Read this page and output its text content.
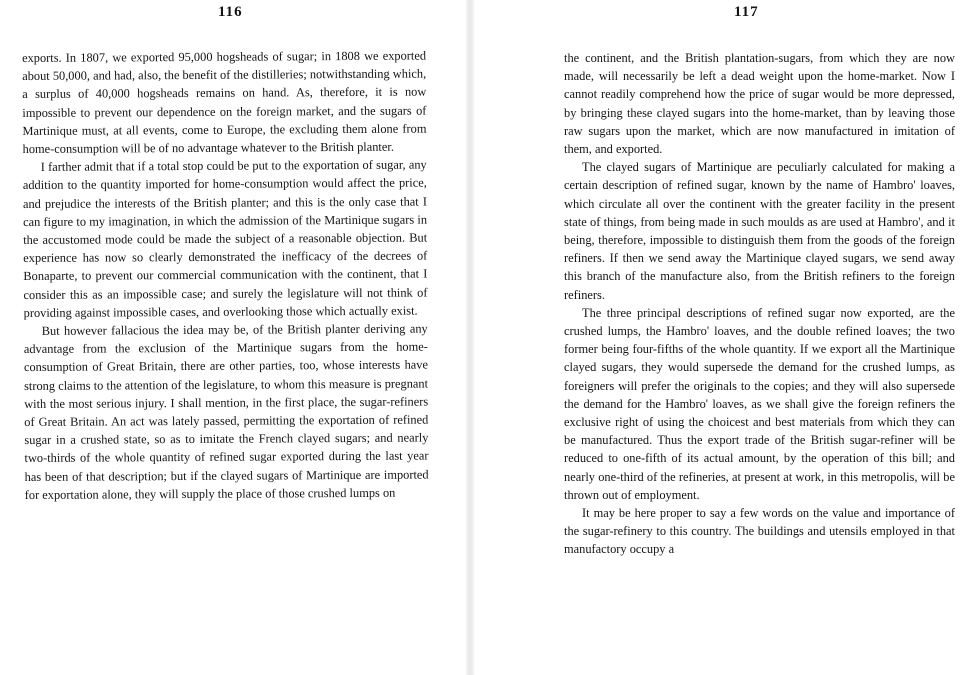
116

exports. In 1807, we exported 95,000 hogsheads of sugar; in 1808 we exported about 50,000, and had, also, the benefit of the distilleries; notwithstanding which, a surplus of 40,000 hogsheads remains on hand. As, therefore, it is now impossible to prevent our dependence on the foreign market, and the sugars of Martinique must, at all events, come to Europe, the excluding them alone from home-consumption will be of no advantage whatever to the British planter.

I farther admit that if a total stop could be put to the exportation of sugar, any addition to the quantity imported for home-consumption would affect the price, and prejudice the interests of the British planter; and this is the only case that I can figure to my imagination, in which the admission of the Martinique sugars in the accustomed mode could be made the subject of a reasonable objection. But experience has now so clearly demonstrated the inefficacy of the decrees of Bonaparte, to prevent our commercial communication with the continent, that I consider this as an impossible case; and surely the legislature will not think of providing against impossible cases, and overlooking those which actually exist.

But however fallacious the idea may be, of the British planter deriving any advantage from the exclusion of the Martinique sugars from the home-consumption of Great Britain, there are other parties, too, whose interests have strong claims to the attention of the legislature, to whom this measure is pregnant with the most serious injury. I shall mention, in the first place, the sugar-refiners of Great Britain. An act was lately passed, permitting the exportation of refined sugar in a crushed state, so as to imitate the French clayed sugars; and nearly two-thirds of the whole quantity of refined sugar exported during the last year has been of that description; but if the clayed sugars of Martinique are imported for exportation alone, they will supply the place of those crushed lumps on

117

the continent, and the British plantation-sugars, from which they are now made, will necessarily be left a dead weight upon the home-market. Now I cannot readily comprehend how the price of sugar would be more depressed, by bringing these clayed sugars into the home-market, than by leaving those raw sugars upon the market, which are now manufactured in imitation of them, and exported.

The clayed sugars of Martinique are peculiarly calculated for making a certain description of refined sugar, known by the name of Hambro' loaves, which circulate all over the continent with the greater facility in the present state of things, from being made in such moulds as are used at Hambro', and it being, therefore, impossible to distinguish them from the goods of the foreign refiners. If then we send away the Martinique clayed sugars, we send away this branch of the manufacture also, from the British refiners to the foreign refiners.

The three principal descriptions of refined sugar now exported, are the crushed lumps, the Hambro' loaves, and the double refined loaves; the two former being four-fifths of the whole quantity. If we export all the Martinique clayed sugars, they would supersede the demand for the crushed lumps, as foreigners will prefer the originals to the copies; and they will also supersede the demand for the Hambro' loaves, as we shall give the foreign refiners the exclusive right of using the choicest and best materials from which they can be manufactured. Thus the export trade of the British sugar-refiner will be reduced to one-fifth of its actual amount, by the operation of this bill; and nearly one-third of the refineries, at present at work, in this metropolis, will be thrown out of employment.

It may be here proper to say a few words on the value and importance of the sugar-refinery to this country. The buildings and utensils employed in that manufactory occupy a
